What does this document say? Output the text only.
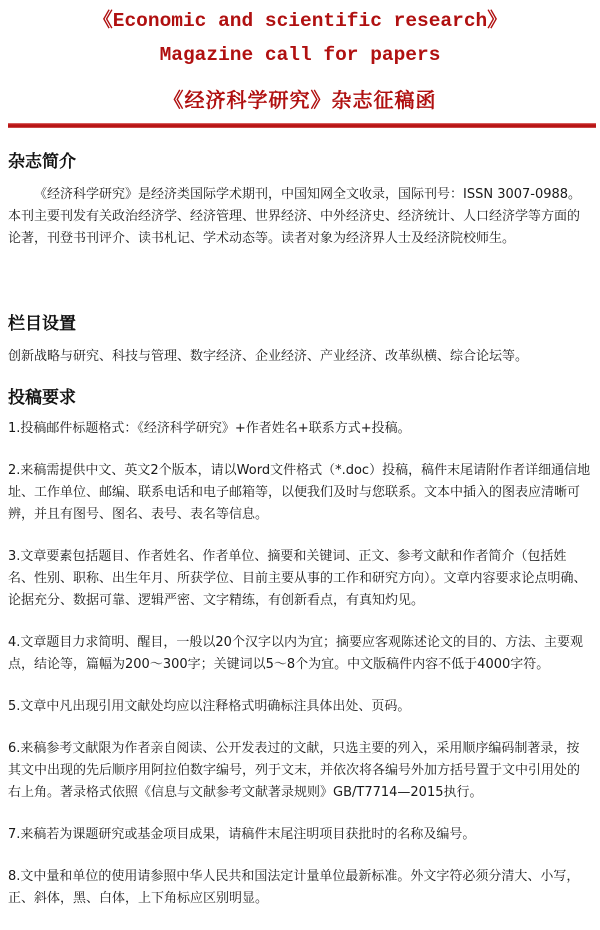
《Economic and scientific research》
Magazine call for papers
《经济科学研究》杂志征稿函
杂志简介

《经济科学研究》是经济类国际学术期刊，中国知网全文收录，国际刊号：ISSN 3007-0988。本刊主要刊发有关政治经济学、经济管理、世界经济、中外经济史、经济统计、人口经济学等方面的论著，刊登书刊评介、读书札记、学术动态等。读者对象为经济界人士及经济院校师生。

栏目设置

创新战略与研究、科技与管理、数字经济、企业经济、产业经济、改革纵横、综合论坛等。

投稿要求
1.投稿邮件标题格式：《经济科学研究》+作者姓名+联系方式+投稿。
2.来稿需提供中文、英文2个版本，请以Word文件格式（*.doc）投稿，稿件末尾请附作者详细通信地址、工作单位、邮编、联系电话和电子邮箱等，以便我们及时与您联系。文本中插入的图表应清晰可辨，并且有图号、图名、表号、表名等信息。
3.文章要素包括题目、作者姓名、作者单位、摘要和关键词、正文、参考文献和作者简介（包括姓名、性别、职称、出生年月、所获学位、目前主要从事的工作和研究方向）。文章内容要求论点明确、论据充分、数据可靠、逻辑严密、文字精练，有创新看点，有真知灼见。
4.文章题目力求简明、醒目，一般以20个汉字以内为宜；摘要应客观陈述论文的目的、方法、主要观点，结论等，篇幅为200～300字；关键词以5～8个为宜。中文版稿件内容不低于4000字符。
5.文章中凡出现引用文献处均应以注释格式明确标注具体出处、页码。
6.来稿参考文献限为作者亲自阅读、公开发表过的文献，只选主要的列入，采用顺序编码制著录，按其文中出现的先后顺序用阿拉伯数字编号，列于文末，并依次将各编号外加方括号置于文中引用处的右上角。著录格式依照《信息与文献参考文献著录规则》GB/T7714—2015执行。
7.来稿若为课题研究或基金项目成果，请稿件末尾注明项目获批时的名称及编号。
8.文中量和单位的使用请参照中华人民共和国法定计量单位最新标准。外文字符必须分清大、小写，正、斜体，黑、白体，上下角标应区别明显。
